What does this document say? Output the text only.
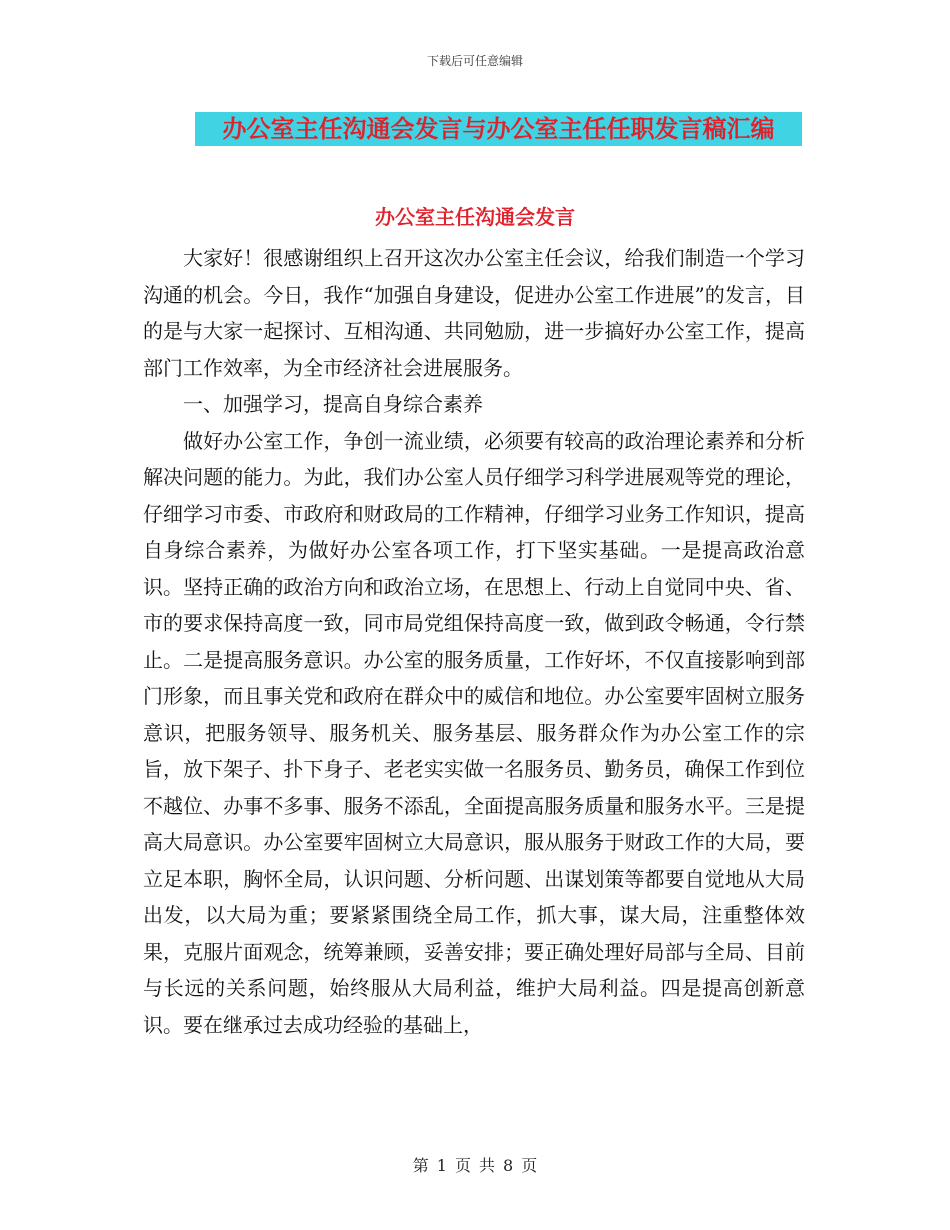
下载后可任意编辑
办公室主任沟通会发言与办公室主任任职发言稿汇编
办公室主任沟通会发言

大家好！很感谢组织上召开这次办公室主任会议，给我们制造一个学习沟通的机会。今日，我作“加强自身建设，促进办公室工作进展”的发言，目的是与大家一起探讨、互相沟通、共同勉励，进一步搞好办公室工作，提高部门工作效率，为全市经济社会进展服务。

一、加强学习，提高自身综合素养

做好办公室工作，争创一流业绩，必须要有较高的政治理论素养和分析解决问题的能力。为此，我们办公室人员仔细学习科学进展观等党的理论，仔细学习市委、市政府和财政局的工作精神，仔细学习业务工作知识，提高自身综合素养，为做好办公室各项工作，打下坚实基础。一是提高政治意识。坚持正确的政治方向和政治立场，在思想上、行动上自觉同中央、省、市的要求保持高度一致，同市局党组保持高度一致，做到政令畅通，令行禁止。二是提高服务意识。办公室的服务质量，工作好坏，不仅直接影响到部门形象，而且事关党和政府在群众中的威信和地位。办公室要牢固树立服务意识，把服务领导、服务机关、服务基层、服务群众作为办公室工作的宗旨，放下架子、扑下身子、老老实实做一名服务员、勤务员，确保工作到位不越位、办事不多事、服务不添乱，全面提高服务质量和服务水平。三是提高大局意识。办公室要牢固树立大局意识，服从服务于财政工作的大局，要立足本职，胸怀全局，认识问题、分析问题、出谋划策等都要自觉地从大局出发，以大局为重；要紧紧围绕全局工作，抓大事，谋大局，注重整体效果，克服片面观念，统筹兼顾，妥善安排；要正确处理好局部与全局、目前与长远的关系问题，始终服从大局利益，维护大局利益。四是提高创新意识。要在继承过去成功经验的基础上，

第 1 页 共 8 页
